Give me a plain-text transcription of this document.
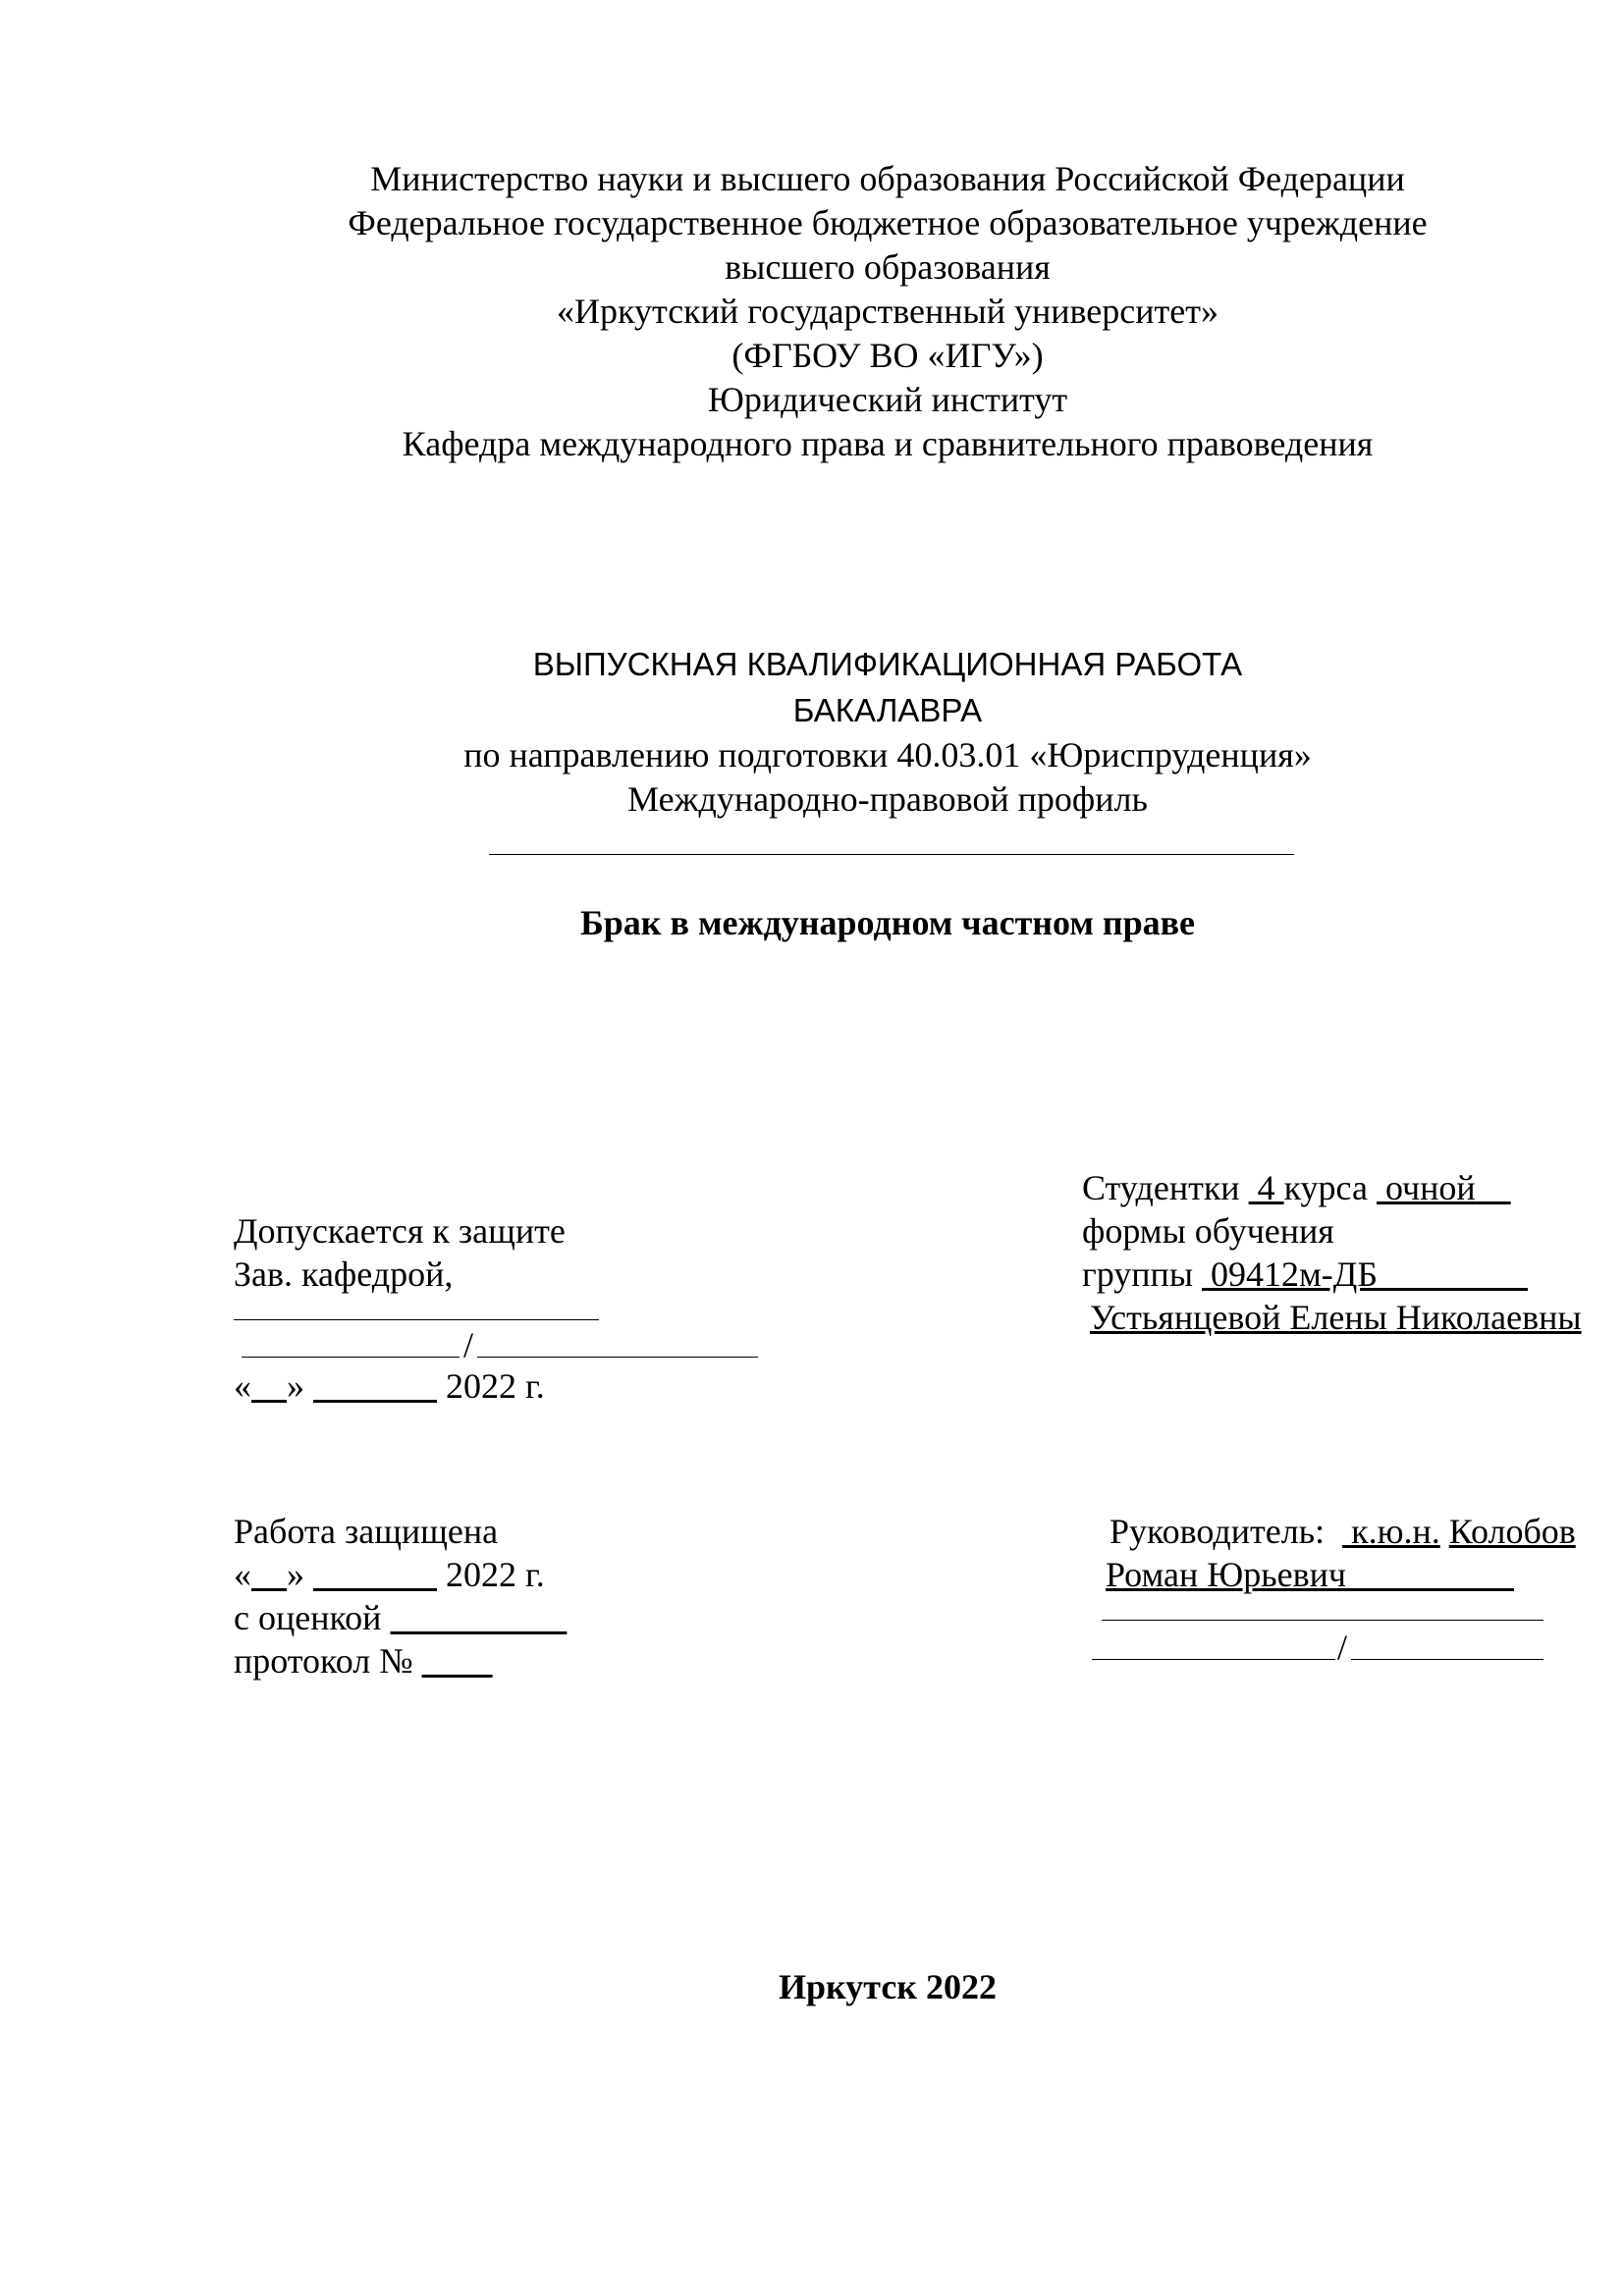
Министерство науки и высшего образования Российской Федерации
Федеральное государственное бюджетное образовательное учреждение
высшего образования
«Иркутский государственный университет»
(ФГБОУ ВО «ИГУ»)
Юридический институт
Кафедра международного права и сравнительного правоведения
ВЫПУСКНАЯ КВАЛИФИКАЦИОННАЯ РАБОТА
БАКАЛАВРА
по направлению подготовки 40.03.01 «Юриспруденция»
Международно-правовой профиль
Брак в международном частном праве
Студентки  4 курса  очной
формы обучения
группы  09412м-ДБ
Устьянцевой Елены Николаевны
Допускается к защите
Зав. кафедрой,
/
« »	2022 г.
Работа защищена
« »	2022 г.
с оценкой
протокол №
Руководитель: к.ю.н. Колобов
Роман Юрьевич
/
Иркутск 2022
